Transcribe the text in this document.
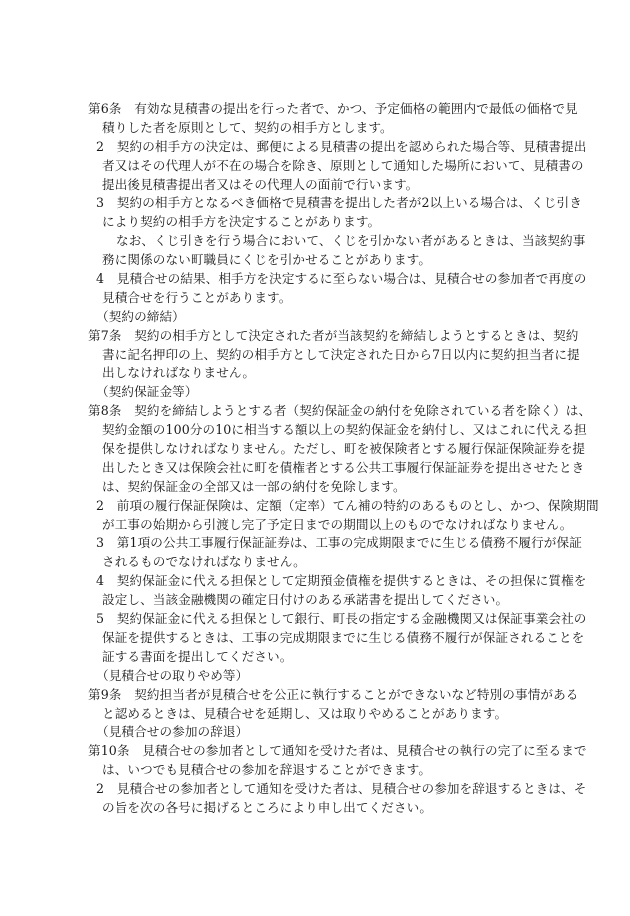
第6条　有効な見積書の提出を行った者で、かつ、予定価格の範囲内で最低の価格で見
積りした者を原則として、契約の相手方とします。
2　契約の相手方の決定は、郵便による見積書の提出を認められた場合等、見積書提出
者又はその代理人が不在の場合を除き、原則として通知した場所において、見積書の
提出後見積書提出者又はその代理人の面前で行います。
3　契約の相手方となるべき価格で見積書を提出した者が2以上いる場合は、くじ引き
により契約の相手方を決定することがあります。
なお、くじ引きを行う場合において、くじを引かない者があるときは、当該契約事
務に関係のない町職員にくじを引かせることがあります。
4　見積合せの結果、相手方を決定するに至らない場合は、見積合せの参加者で再度の
見積合せを行うことがあります。
（契約の締結）
第7条　契約の相手方として決定された者が当該契約を締結しようとするときは、契約
書に記名押印の上、契約の相手方として決定された日から7日以内に契約担当者に提
出しなければなりません。
（契約保証金等）
第8条　契約を締結しようとする者（契約保証金の納付を免除されている者を除く）は、
契約金額の100分の10に相当する額以上の契約保証金を納付し、又はこれに代える担
保を提供しなければなりません。ただし、町を被保険者とする履行保証保険証券を提
出したとき又は保険会社に町を債権者とする公共工事履行保証証券を提出させたとき
は、契約保証金の全部又は一部の納付を免除します。
2　前項の履行保証保険は、定額（定率）てん補の特約のあるものとし、かつ、保険期間
が工事の始期から引渡し完了予定日までの期間以上のものでなければなりません。
3　第1項の公共工事履行保証証券は、工事の完成期限までに生じる債務不履行が保証
されるものでなければなりません。
4　契約保証金に代える担保として定期預金債権を提供するときは、その担保に質権を
設定し、当該金融機関の確定日付けのある承諾書を提出してください。
5　契約保証金に代える担保として銀行、町長の指定する金融機関又は保証事業会社の
保証を提供するときは、工事の完成期限までに生じる債務不履行が保証されることを
証する書面を提出してください。
（見積合せの取りやめ等）
第9条　契約担当者が見積合せを公正に執行することができないなど特別の事情がある
と認めるときは、見積合せを延期し、又は取りやめることがあります。
（見積合せの参加の辞退）
第10条　見積合せの参加者として通知を受けた者は、見積合せの執行の完了に至るまで
は、いつでも見積合せの参加を辞退することができます。
2　見積合せの参加者として通知を受けた者は、見積合せの参加を辞退するときは、そ
の旨を次の各号に掲げるところにより申し出てください。
